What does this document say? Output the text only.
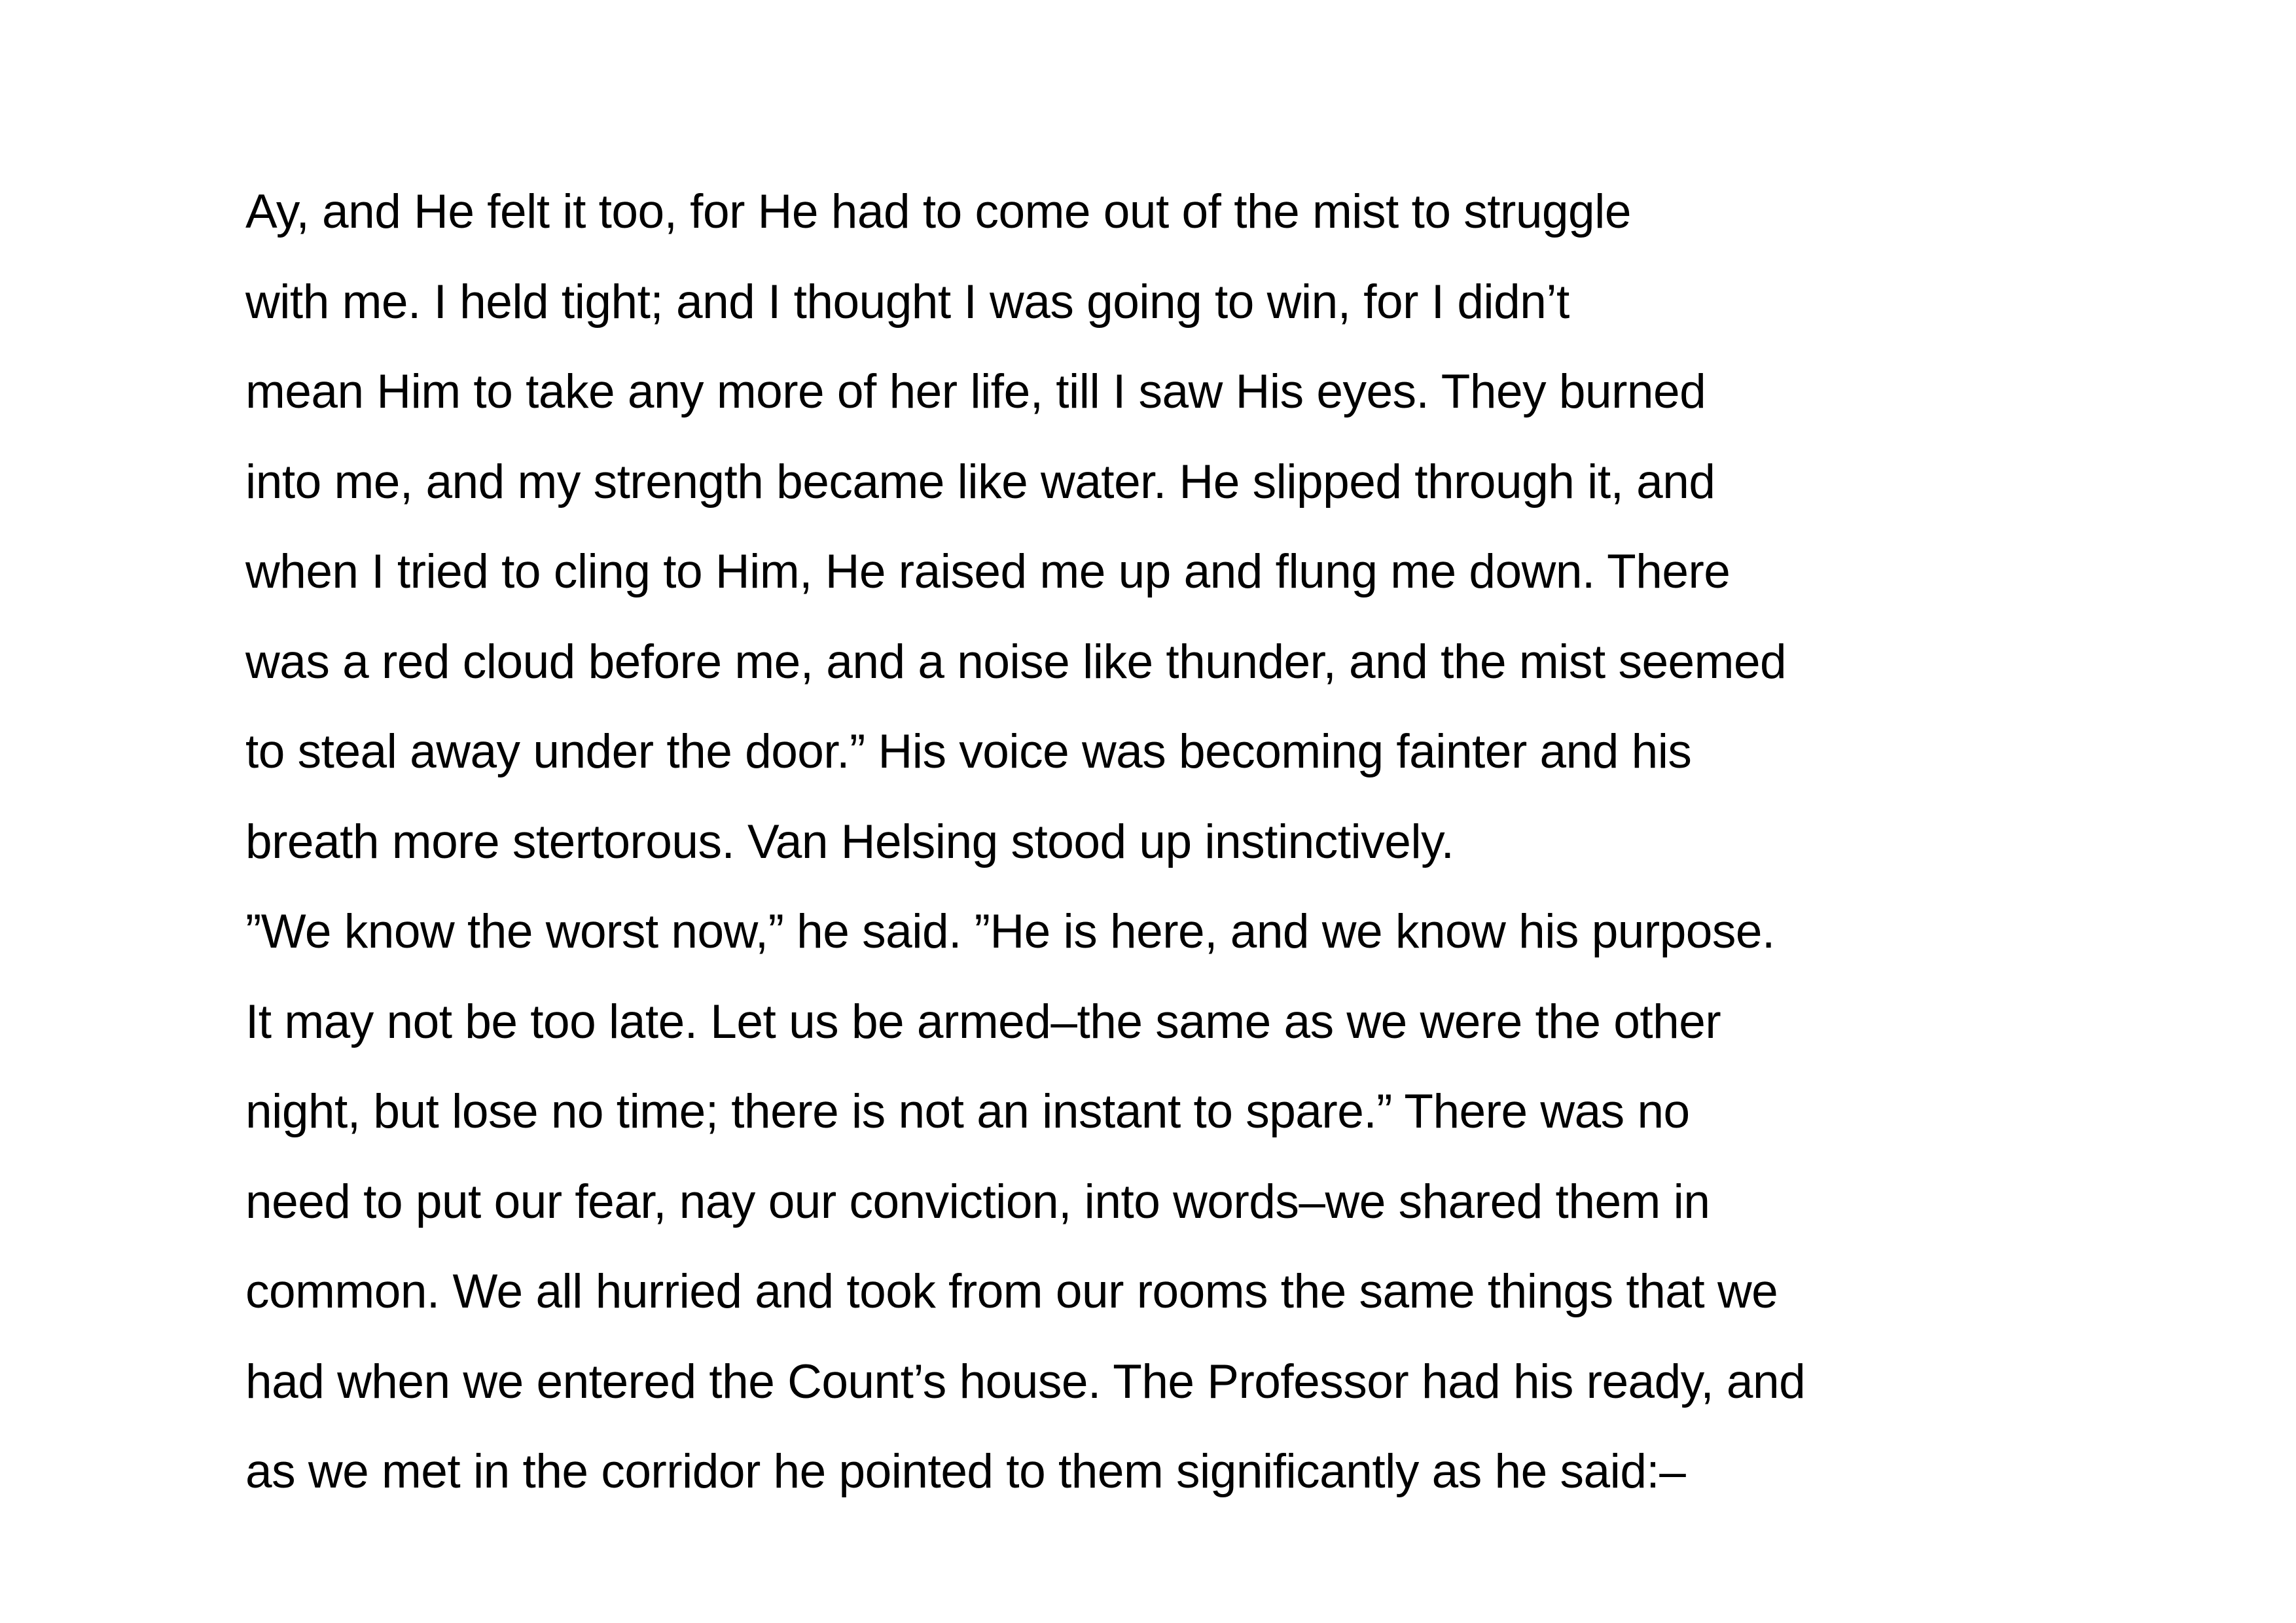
Ay, and He felt it too, for He had to come out of the mist to struggle
with me. I held tight; and I thought I was going to win, for I didn’t
mean Him to take any more of her life, till I saw His eyes. They burned
into me, and my strength became like water. He slipped through it, and
when I tried to cling to Him, He raised me up and flung me down. There
was a red cloud before me, and a noise like thunder, and the mist seemed
to steal away under the door.” His voice was becoming fainter and his
breath more stertorous. Van Helsing stood up instinctively.
”We know the worst now,” he said. ”He is here, and we know his purpose.
It may not be too late. Let us be armed–the same as we were the other
night, but lose no time; there is not an instant to spare.” There was no
need to put our fear, nay our conviction, into words–we shared them in
common. We all hurried and took from our rooms the same things that we
had when we entered the Count’s house. The Professor had his ready, and
as we met in the corridor he pointed to them significantly as he said:–
